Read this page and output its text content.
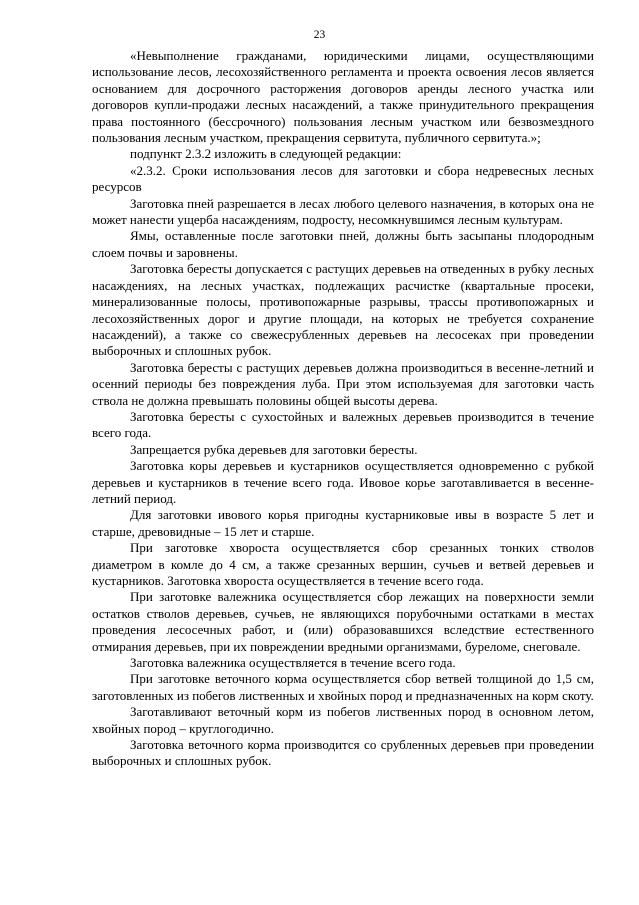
23

«Невыполнение гражданами, юридическими лицами, осуществляющими использование лесов, лесохозяйственного регламента и проекта освоения лесов является основанием для досрочного расторжения договоров аренды лесного участка или договоров купли-продажи лесных насаждений, а также принудительного прекращения права постоянного (бессрочного) пользования лесным участком или безвозмездного пользования лесным участком, прекращения сервитута, публичного сервитута.»;

подпункт 2.3.2 изложить в следующей редакции:

«2.3.2. Сроки использования лесов для заготовки и сбора недревесных лесных ресурсов

Заготовка пней разрешается в лесах любого целевого назначения, в которых она не может нанести ущерба насаждениям, подросту, несомкнувшимся лесным культурам.

Ямы, оставленные после заготовки пней, должны быть засыпаны плодородным слоем почвы и заровнены.

Заготовка бересты допускается с растущих деревьев на отведенных в рубку лесных насаждениях, на лесных участках, подлежащих расчистке (квартальные просеки, минерализованные полосы, противопожарные разрывы, трассы противопожарных и лесохозяйственных дорог и другие площади, на которых не требуется сохранение насаждений), а также со свежесрубленных деревьев на лесосеках при проведении выборочных и сплошных рубок.

Заготовка бересты с растущих деревьев должна производиться в весенне-летний и осенний периоды без повреждения луба. При этом используемая для заготовки часть ствола не должна превышать половины общей высоты дерева.

Заготовка бересты с сухостойных и валежных деревьев производится в течение всего года.

Запрещается рубка деревьев для заготовки бересты.

Заготовка коры деревьев и кустарников осуществляется одновременно с рубкой деревьев и кустарников в течение всего года. Ивовое корье заготавливается в весенне-летний период.

Для заготовки ивового корья пригодны кустарниковые ивы в возрасте 5 лет и старше, древовидные – 15 лет и старше.

При заготовке хвороста осуществляется сбор срезанных тонких стволов диаметром в комле до 4 см, а также срезанных вершин, сучьев и ветвей деревьев и кустарников. Заготовка хвороста осуществляется в течение всего года.

При заготовке валежника осуществляется сбор лежащих на поверхности земли остатков стволов деревьев, сучьев, не являющихся порубочными остатками в местах проведения лесосечных работ, и (или) образовавшихся вследствие естественного отмирания деревьев, при их повреждении вредными организмами, буреломе, снеговале.

Заготовка валежника осуществляется в течение всего года.

При заготовке веточного корма осуществляется сбор ветвей толщиной до 1,5 см, заготовленных из побегов лиственных и хвойных пород и предназначенных на корм скоту.

Заготавливают веточный корм из побегов лиственных пород в основном летом, хвойных пород – круглогодично.

Заготовка веточного корма производится со срубленных деревьев при проведении выборочных и сплошных рубок.
